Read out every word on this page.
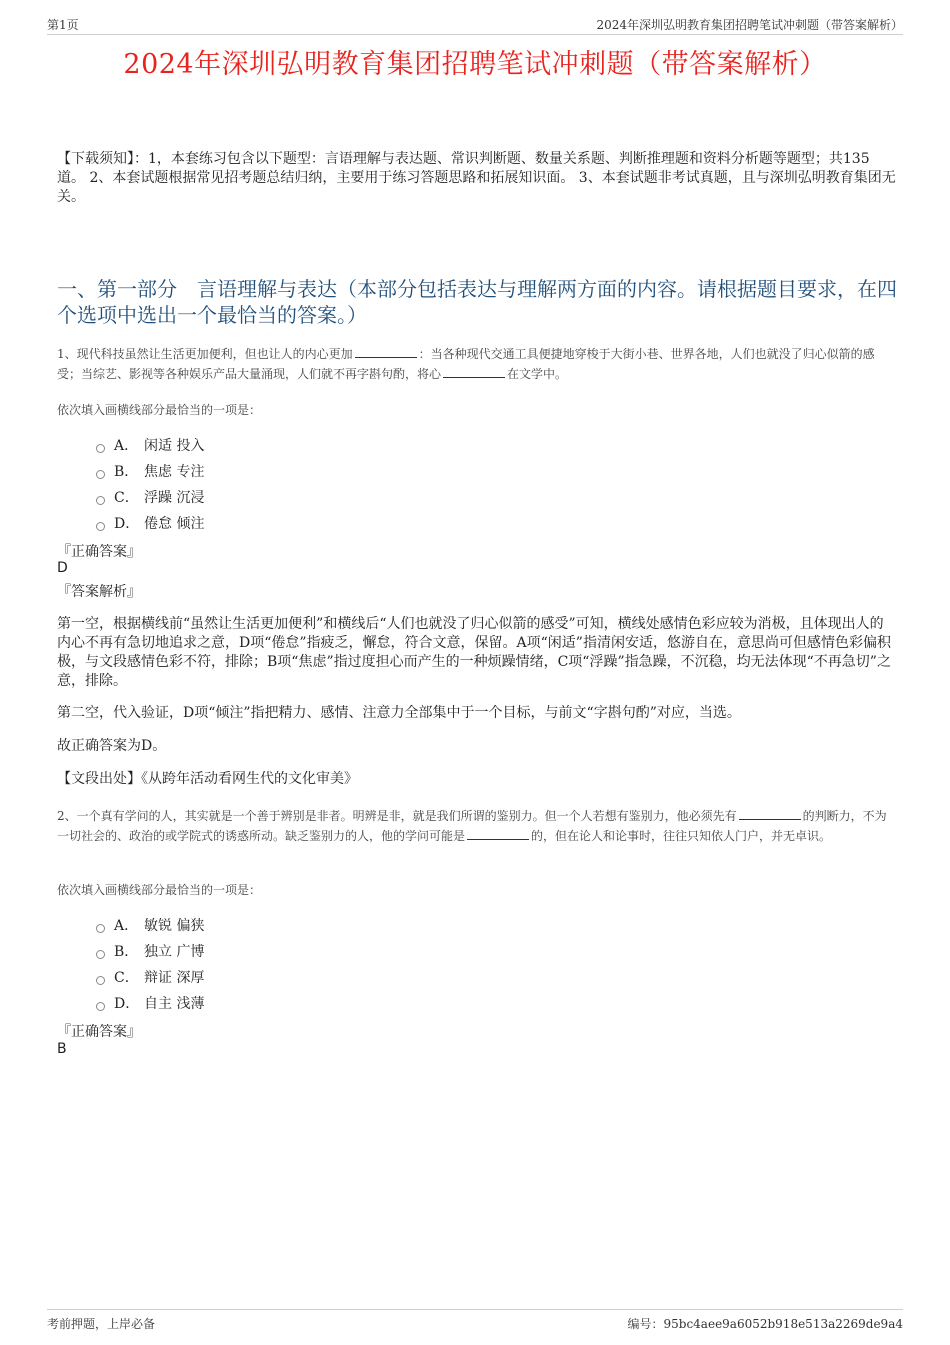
第1页	2024年深圳弘明教育集团招聘笔试冲刺题（带答案解析）
2024年深圳弘明教育集团招聘笔试冲刺题（带答案解析）
【下载须知】：1，本套练习包含以下题型：言语理解与表达题、常识判断题、数量关系题、判断推理题和资料分析题等题型；共135道。 2、本套试题根据常见招考题总结归纳，主要用于练习答题思路和拓展知识面。 3、本套试题非考试真题，且与深圳弘明教育集团无关。
一、第一部分　言语理解与表达（本部分包括表达与理解两方面的内容。请根据题目要求，在四个选项中选出一个最恰当的答案。）
1、现代科技虽然让生活更加便利，但也让人的内心更加	：当各种现代交通工具便捷地穿梭于大街小巷、世界各地，人们也就没了归心似箭的感受；当综艺、影视等各种娱乐产品大量涌现，人们就不再字斟句酌，将心	在文学中。
依次填入画横线部分最恰当的一项是：
A． 闲适 投入
B． 焦虑 专注
C． 浮躁 沉浸
D． 倦怠 倾注
『正确答案』
D
『答案解析』
第一空，根据横线前“虽然让生活更加便利”和横线后“人们也就没了归心似箭的感受”可知，横线处感情色彩应较为消极，且体现出人的内心不再有急切地追求之意，D项“倦怠”指疲乏，懈怠，符合文意，保留。A项“闲适”指清闲安适，悠游自在，意思尚可但感情色彩偏积极，与文段感情色彩不符，排除；B项“焦虑”指过度担心而产生的一种烦躁情绪，C项“浮躁”指急躁，不沉稳，均无法体现“不再急切”之意，排除。
第二空，代入验证，D项“倾注”指把精力、感情、注意力全部集中于一个目标，与前文“字斟句酌”对应，当选。
故正确答案为D。
【文段出处】《从跨年活动看网生代的文化审美》
2、一个真有学问的人，其实就是一个善于辨别是非者。明辨是非，就是我们所谓的鉴别力。但一个人若想有鉴别力，他必须先有	的判断力，不为一切社会的、政治的或学院式的诱惑所动。缺乏鉴别力的人，他的学问可能是	的，但在论人和论事时，往往只知依人门户，并无卓识。
依次填入画横线部分最恰当的一项是：
A． 敏锐 偏狭
B． 独立 广博
C． 辩证 深厚
D． 自主 浅薄
『正确答案』
B
考前押题，上岸必备	编号：95bc4aee9a6052b918e513a2269de9a4
